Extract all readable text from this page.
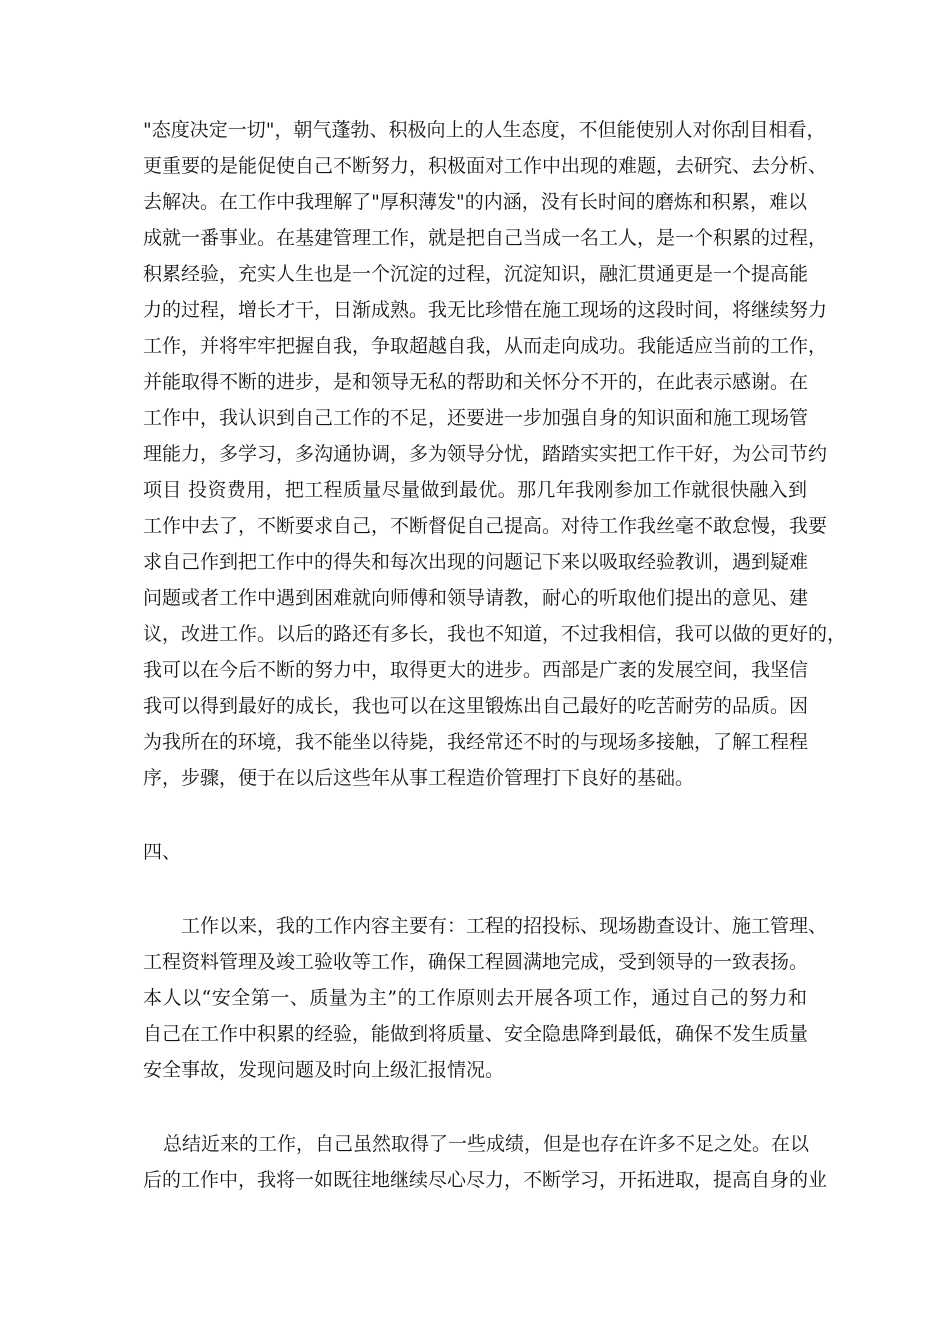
"态度决定一切"，朝气蓬勃、积极向上的人生态度，不但能使别人对你刮目相看，
更重要的是能促使自己不断努力，积极面对工作中出现的难题，去研究、去分析、
去解决。在工作中我理解了"厚积薄发"的内涵，没有长时间的磨炼和积累，难以
成就一番事业。在基建管理工作，就是把自己当成一名工人，是一个积累的过程，
积累经验，充实人生也是一个沉淀的过程，沉淀知识，融汇贯通更是一个提高能
力的过程，增长才干，日渐成熟。我无比珍惜在施工现场的这段时间，将继续努力
工作，并将牢牢把握自我，争取超越自我，从而走向成功。我能适应当前的工作，
并能取得不断的进步，是和领导无私的帮助和关怀分不开的，在此表示感谢。在
工作中，我认识到自己工作的不足，还要进一步加强自身的知识面和施工现场管
理能力，多学习，多沟通协调，多为领导分忧，踏踏实实把工作干好，为公司节约
项目 投资费用，把工程质量尽量做到最优。那几年我刚参加工作就很快融入到
工作中去了，不断要求自己，不断督促自己提高。对待工作我丝毫不敢怠慢，我要
求自己作到把工作中的得失和每次出现的问题记下来以吸取经验教训，遇到疑难
问题或者工作中遇到困难就向师傅和领导请教，耐心的听取他们提出的意见、建
议，改进工作。以后的路还有多长，我也不知道，不过我相信，我可以做的更好的，
我可以在今后不断的努力中，取得更大的进步。西部是广袤的发展空间，我坚信
我可以得到最好的成长，我也可以在这里锻炼出自己最好的吃苦耐劳的品质。因
为我所在的环境，我不能坐以待毙，我经常还不时的与现场多接触，了解工程程
序，步骤，便于在以后这些年从事工程造价管理打下良好的基础。
四、
工作以来，我的工作内容主要有：工程的招投标、现场勘查设计、施工管理、
工程资料管理及竣工验收等工作，确保工程圆满地完成，受到领导的一致表扬。
本人以“安全第一、质量为主”的工作原则去开展各项工作，通过自己的努力和
自己在工作中积累的经验，能做到将质量、安全隐患降到最低，确保不发生质量
安全事故，发现问题及时向上级汇报情况。
总结近来的工作，自己虽然取得了一些成绩，但是也存在许多不足之处。在以
后的工作中，我将一如既往地继续尽心尽力，不断学习，开拓进取，提高自身的业
